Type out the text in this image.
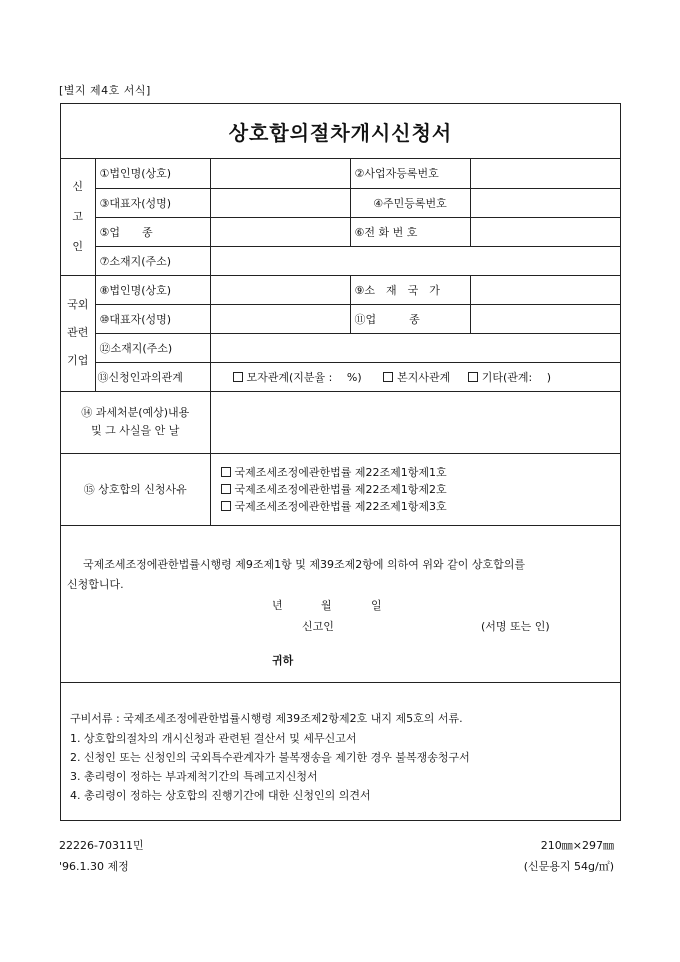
[별지 제4호 서식]
상호합의절차개시신청서
신
고
인	①법인명(상호)		②사업자등록번호	
	③대표자(성명)		④주민등록번호	
	⑤업　　종		⑥전 화 번 호	
	⑦소재지(주소)			

국외
관련
기업	⑧법인명(상호)		⑨소　재　국　가	
	⑩대표자(성명)		⑪업　　　종	
	⑫소재지(주소)			
	⑬신청인과의관계	모자관계(지분율 :　 %) 본지사관계 기타(관계:　 )		

⑭ 과세처분(예상)내용
및 그 사실을 안 날				

⑮ 상호합의 신청사유		국제조세조정에관한법률 제22조제1항제1호
국제조세조정에관한법률 제22조제1항제2호
국제조세조정에관한법률 제22조제1항제3호		

국제조세조정에관한법률시행령 제9조제1항 및 제39조제2항에 의하여 위와 같이 상호합의를

신청합니다.

년	월	일
신고인	(서명 또는 인)
귀하
구비서류 : 국제조세조정에관한법률시행령 제39조제2항제2호 내지 제5호의 서류.
1. 상호합의절차의 개시신청과 관련된 결산서 및 세무신고서
2. 신청인 또는 신청인의 국외특수관계자가 불복쟁송을 제기한 경우 불복쟁송청구서
3. 총리령이 정하는 부과제척기간의 특례고지신청서
4. 총리령이 정하는 상호합의 진행기간에 대한 신청인의 의견서
22226-70311민
'96.1.30 제정
210㎜×297㎜
(신문용지 54g/㎡)
